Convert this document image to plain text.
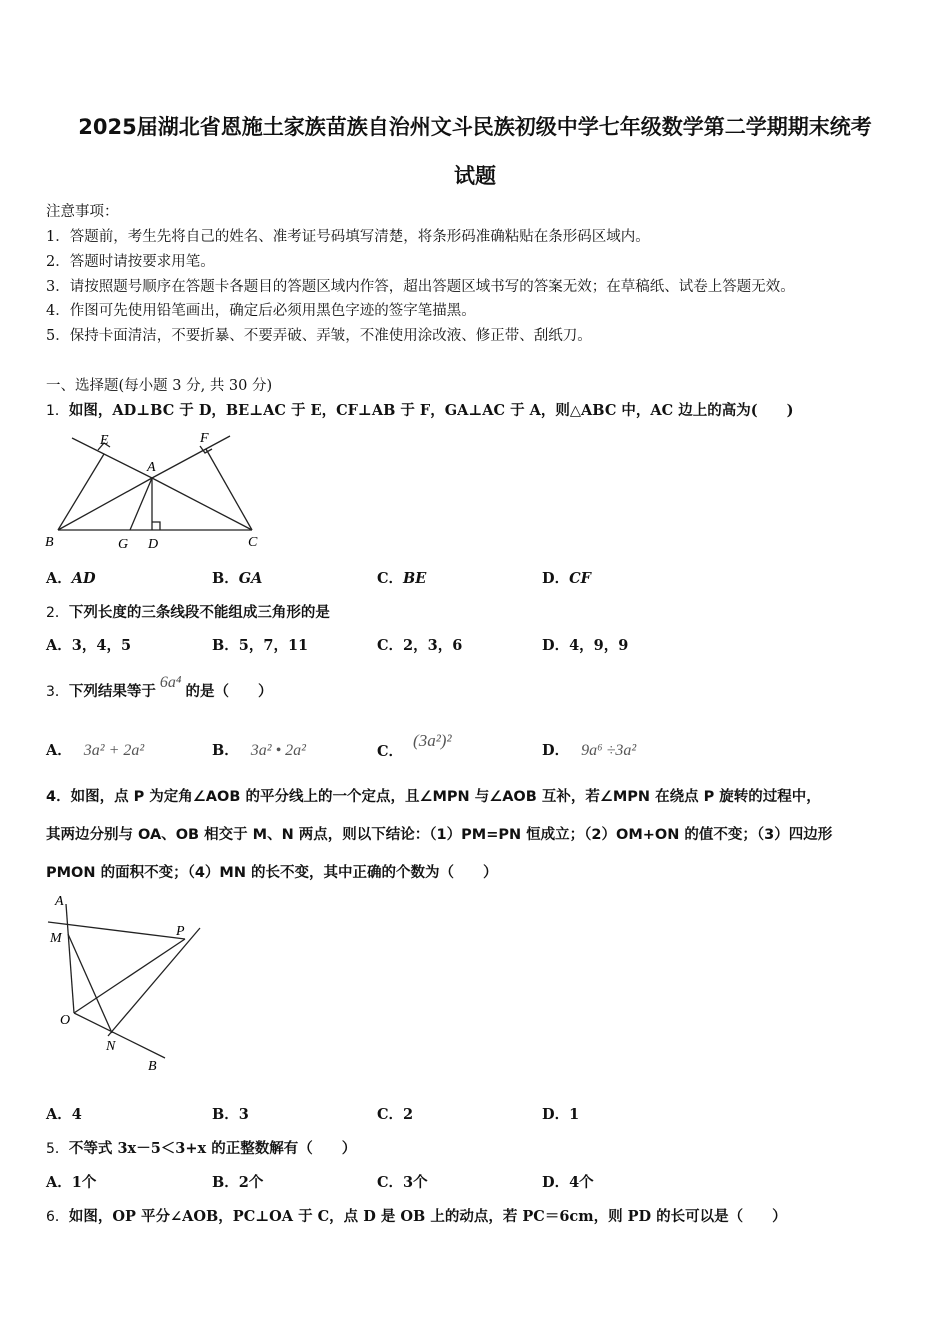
2025届湖北省恩施土家族苗族自治州文斗民族初级中学七年级数学第二学期期末统考
试题
注意事项：
1．答题前，考生先将自己的姓名、准考证号码填写清楚，将条形码准确粘贴在条形码区域内。
2．答题时请按要求用笔。
3．请按照题号顺序在答题卡各题目的答题区域内作答，超出答题区域书写的答案无效；在草稿纸、试卷上答题无效。
4．作图可先使用铅笔画出，确定后必须用黑色字迹的签字笔描黑。
5．保持卡面清洁，不要折暴、不要弄破、弄皱，不准使用涂改液、修正带、刮纸刀。
一、选择题(每小题 3 分, 共 30 分)
1．如图，AD⊥BC 于 D，BE⊥AC 于 E，CF⊥AB 于 F，GA⊥AC 于 A，则△ABC 中，AC 边上的高为(　　)
E	F
A
B	G D	C
A．AD	B．GA	C．BE	D．CF
2．下列长度的三条线段不能组成三角形的是
A．3，4，5	B．5，7，11	C．2，3，6	D．4，9，9
3．下列结果等于6a⁴的是（　　）
A． 3a² + 2a²	B． 3a² • 2a²	C．(3a²)²
D． 9a⁶ ÷3a²
4．如图，点 P 为定角∠AOB 的平分线上的一个定点，且∠MPN 与∠AOB 互补，若∠MPN 在绕点 P 旋转的过程中，
其两边分别与 OA、OB 相交于 M、N 两点，则以下结论：（1）PM=PN 恒成立；（2）OM+ON 的值不变；（3）四边形
PMON 的面积不变；（4）MN 的长不变，其中正确的个数为（　　）
A
M	P
O
N
B
A．4	B．3	C．2	D．1
5．不等式 3x－5＜3+x 的正整数解有（　　）
A．1个	B．2个	C．3个	D．4个
6．如图，OP 平分∠AOB，PC⊥OA 于 C，点 D 是 OB 上的动点，若 PC＝6cm，则 PD 的长可以是（　　）
